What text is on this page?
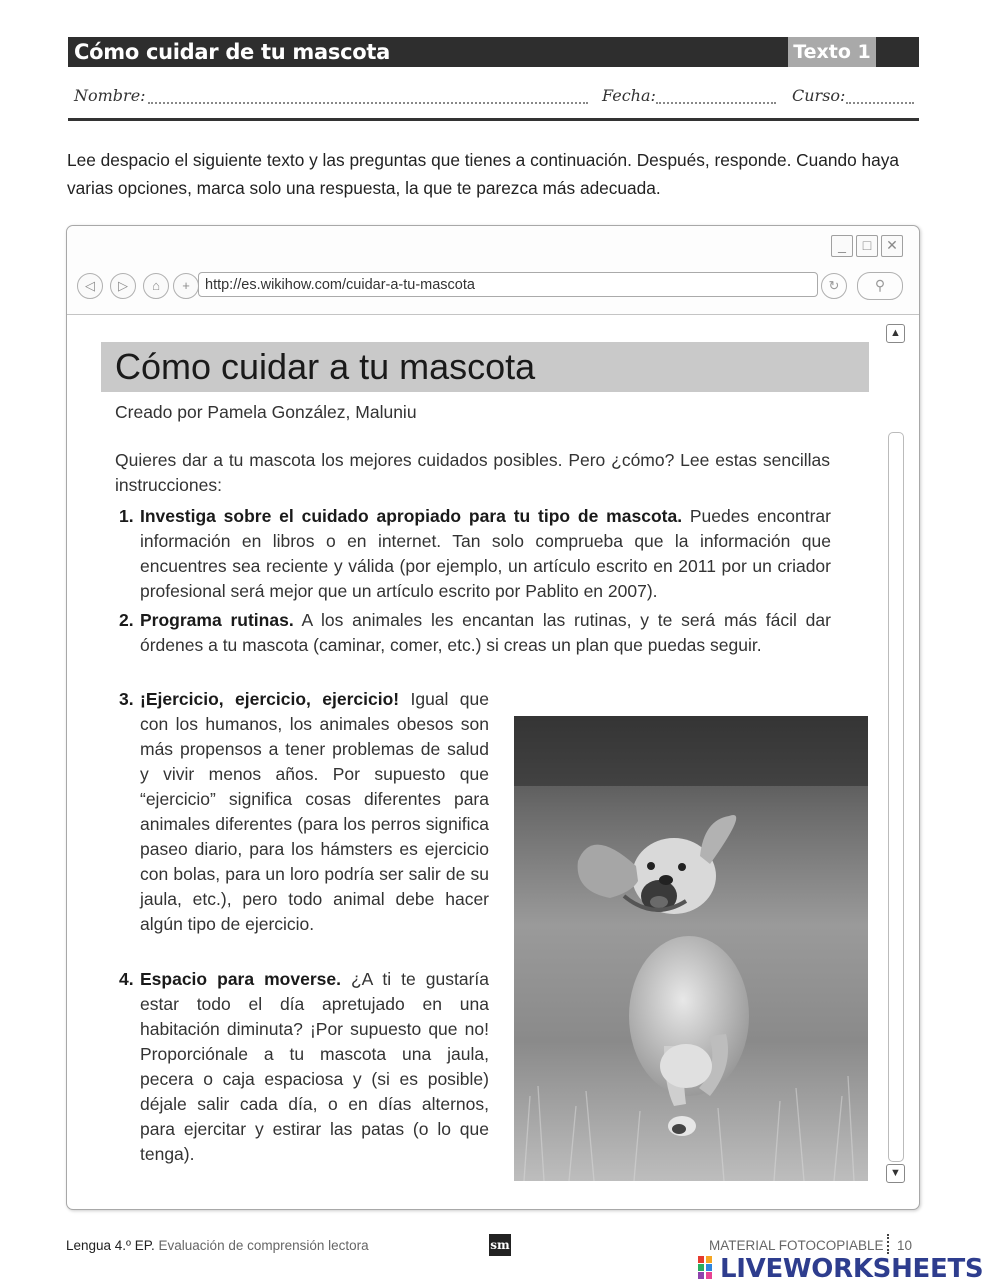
Cómo cuidar de tu mascota	Texto 1
Nombre:	Fecha:	Curso:
Lee despacio el siguiente texto y las preguntas que tienes a continuación. Después, responde. Cuando haya varias opciones, marca solo una respuesta, la que te parezca más adecuada.
_	□	✕
◁	▷	⌂	+	http://es.wikihow.com/cuidar-a-tu-mascota	↻	⚲
▲
▼
Cómo cuidar a tu mascota
Creado por Pamela González, Maluniu
Quieres dar a tu mascota los mejores cuidados posibles. Pero ¿cómo? Lee estas sencillas instrucciones:
1. Investiga sobre el cuidado apropiado para tu tipo de mascota. Puedes encontrar información en libros o en internet. Tan solo comprueba que la información que encuentres sea reciente y válida (por ejemplo, un artículo escrito en 2011 por un criador profesional será mejor que un artículo escrito por Pablito en 2007).
2. Programa rutinas. A los animales les encantan las rutinas, y te será más fácil dar órdenes a tu mascota (caminar, comer, etc.) si creas un plan que puedas seguir.
3. ¡Ejercicio, ejercicio, ejercicio! Igual que con los humanos, los animales obesos son más propensos a tener problemas de salud y vivir menos años. Por supuesto que “ejercicio” significa cosas diferentes para animales diferentes (para los perros significa paseo diario, para los hámsters es ejercicio con bolas, para un loro podría ser salir de su jaula, etc.), pero todo animal debe hacer algún tipo de ejercicio.
4. Espacio para moverse. ¿A ti te gustaría estar todo el día apretujado en una habitación diminuta? ¡Por supuesto que no! Proporciónale a tu mascota una jaula, pecera o caja espaciosa y (si es posible) déjale salir cada día, o en días alternos, para ejercitar y estirar las patas (o lo que tenga).
Lengua 4.º EP. Evaluación de comprensión lectora	sm	MATERIAL FOTOCOPIABLE 10
LIVEWORKSHEETS
